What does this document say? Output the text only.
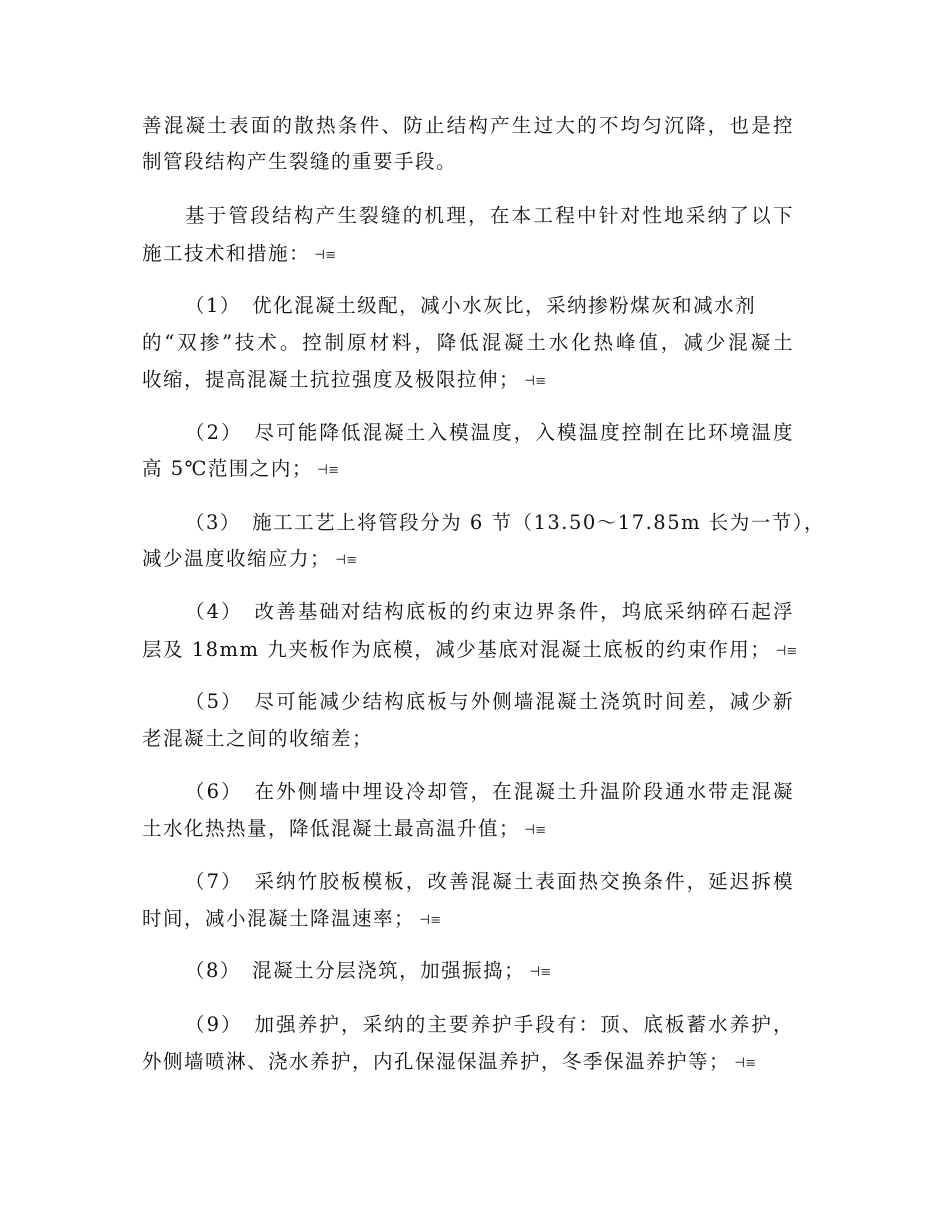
善混凝土表面的散热条件、防止结构产生过大的不均匀沉降，也是控
制管段结构产生裂缝的重要手段。
基于管段结构产生裂缝的机理，在本工程中针对性地采纳了以下
施工技术和措施： ⊣≡
（1）　优化混凝土级配，减小水灰比，采纳掺粉煤灰和减水剂
的“双掺”技术。控制原材料，降低混凝土水化热峰值，减少混凝土
收缩，提高混凝土抗拉强度及极限拉伸； ⊣≡
（2）　尽可能降低混凝土入模温度，入模温度控制在比环境温度
高 5℃范围之内； ⊣≡
（3）　施工工艺上将管段分为 6 节（13.50～17.85m 长为一节），
减少温度收缩应力； ⊣≡
（4）　改善基础对结构底板的约束边界条件，坞底采纳碎石起浮
层及 18mm 九夹板作为底模，减少基底对混凝土底板的约束作用； ⊣≡
（5）　尽可能减少结构底板与外侧墙混凝土浇筑时间差，减少新
老混凝土之间的收缩差；
（6）　在外侧墙中埋设冷却管，在混凝土升温阶段通水带走混凝
土水化热热量，降低混凝土最高温升值； ⊣≡
（7）　采纳竹胶板模板，改善混凝土表面热交换条件，延迟拆模
时间，减小混凝土降温速率； ⊣≡
（8）　混凝土分层浇筑，加强振捣； ⊣≡
（9）　加强养护，采纳的主要养护手段有：顶、底板蓄水养护，
外侧墙喷淋、浇水养护，内孔保湿保温养护，冬季保温养护等； ⊣≡
